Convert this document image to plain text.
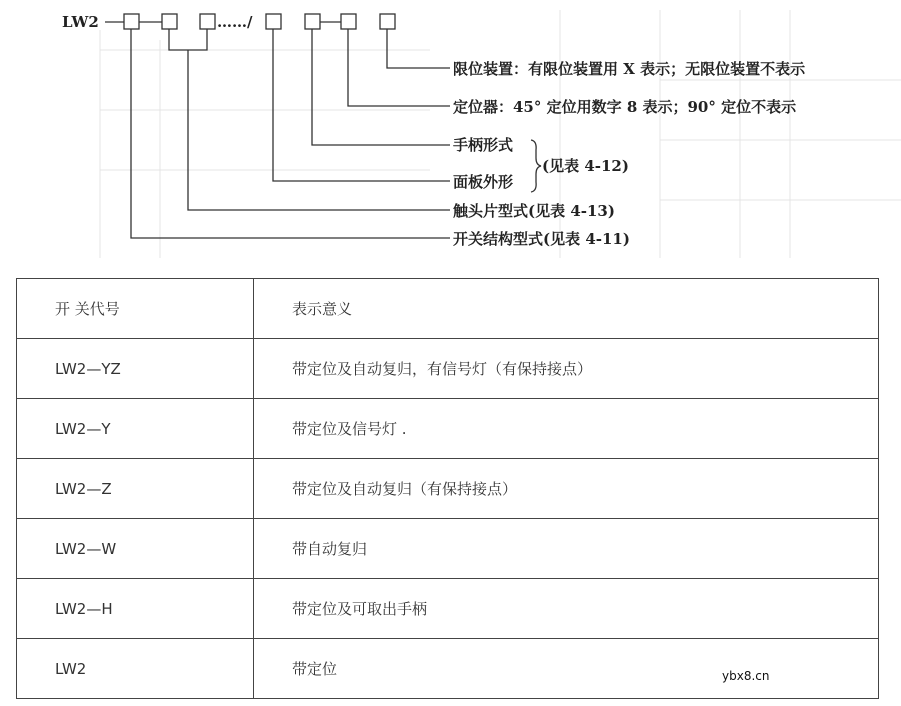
LW2	……/
限位装置：有限位装置用 X 表示；无限位装置不表示
定位器：45° 定位用数字 8 表示；90° 定位不表示
手柄形式
面板外形
触头片型式(见表 4-13)
开关结构型式(见表 4-11)
(见表 4-12)
开 关代号	表示意义
LW2—YZ	带定位及自动复归，有信号灯（有保持接点）
LW2—Y	带定位及信号灯 .
LW2—Z	带定位及自动复归（有保持接点）
LW2—W	带自动复归
LW2—H	带定位及可取出手柄
LW2	带定位	ybx8.cn
